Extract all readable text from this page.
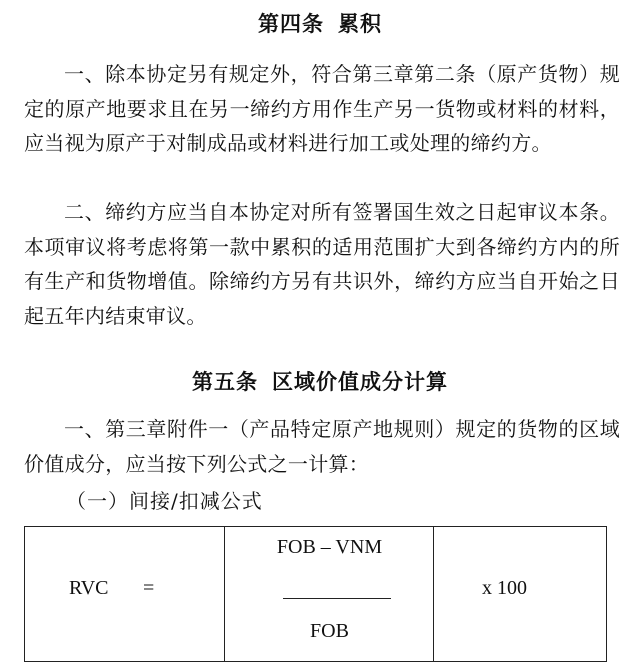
第四条 累积

一、除本协定另有规定外，符合第三章第二条（原产货物）规定的原产地要求且在另一缔约方用作生产另一货物或材料的材料，应当视为原产于对制成品或材料进行加工或处理的缔约方。

二、缔约方应当自本协定对所有签署国生效之日起审议本条。本项审议将考虑将第一款中累积的适用范围扩大到各缔约方内的所有生产和货物增值。除缔约方另有共识外，缔约方应当自开始之日起五年内结束审议。

第五条 区域价值成分计算

一、第三章附件一（产品特定原产地规则）规定的货物的区域价值成分，应当按下列公式之一计算：

（一）间接/扣减公式

RVC =
FOB – VNM
FOB
x 100
